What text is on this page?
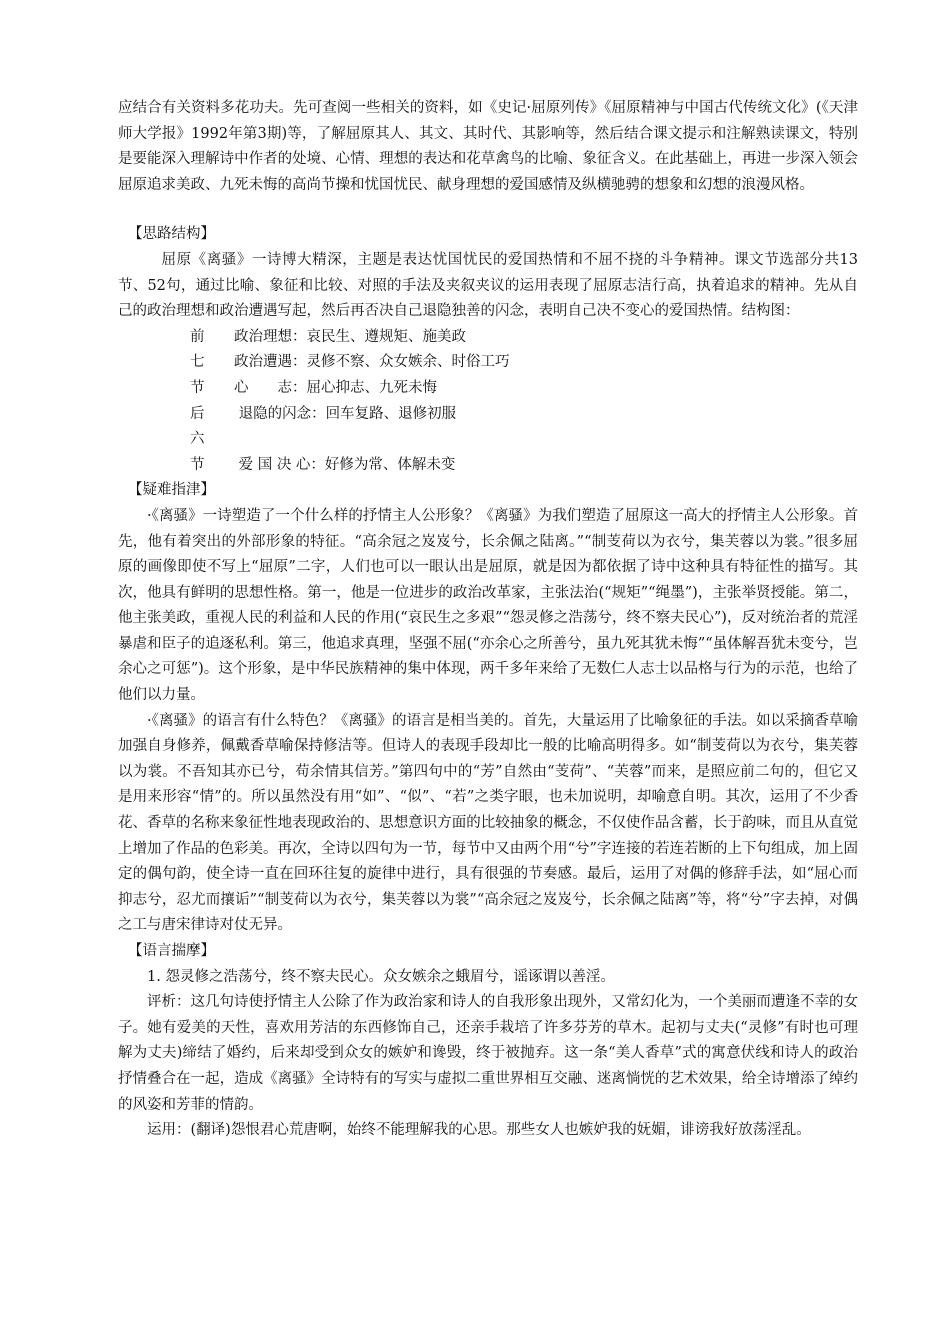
应结合有关资料多花功夫。先可查阅一些相关的资料，如《史记·屈原列传》《屈原精神与中国古代传统文化》(《天津师大学报》1992年第3期)等，了解屈原其人、其文、其时代、其影响等，然后结合课文提示和注解熟读课文，特别是要能深入理解诗中作者的处境、心情、理想的表达和花草禽鸟的比喻、象征含义。在此基础上，再进一步深入领会屈原追求美政、九死未悔的高尚节操和忧国忧民、献身理想的爱国感情及纵横驰骋的想象和幻想的浪漫风格。

【思路结构】

屈原《离骚》一诗博大精深，主题是表达忧国忧民的爱国热情和不屈不挠的斗争精神。课文节选部分共13节、52句，通过比喻、象征和比较、对照的手法及夹叙夹议的运用表现了屈原志洁行高，执着追求的精神。先从自己的政治理想和政治遭遇写起，然后再否决自己退隐独善的闪念，表明自己决不变心的爱国热情。结构图：

前 政治理想：哀民生、遵规矩、施美政
七 政治遭遇：灵修不察、众女嫉余、时俗工巧
节 心　　志：屈心抑志、九死未悔
后 退隐的闪念：回车复路、退修初服
六
节 爱 国 决 心：好修为常、体解未变

【疑难指津】

·《离骚》一诗塑造了一个什么样的抒情主人公形象？《离骚》为我们塑造了屈原这一高大的抒情主人公形象。首先，他有着突出的外部形象的特征。“高余冠之岌岌兮，长余佩之陆离。”“制芰荷以为衣兮，集芙蓉以为裳。”很多屈原的画像即使不写上“屈原”二字，人们也可以一眼认出是屈原，就是因为都依据了诗中这种具有特征性的描写。其次，他具有鲜明的思想性格。第一，他是一位进步的政治改革家，主张法治(“规矩”“绳墨”)，主张举贤授能。第二，他主张美政，重视人民的利益和人民的作用(“哀民生之多艰”“怨灵修之浩荡兮，终不察夫民心”)，反对统治者的荒淫暴虐和臣子的追逐私利。第三，他追求真理，坚强不屈(“亦余心之所善兮，虽九死其犹未悔”“虽体解吾犹未变兮，岂余心之可惩”)。这个形象，是中华民族精神的集中体现，两千多年来给了无数仁人志士以品格与行为的示范，也给了他们以力量。

·《离骚》的语言有什么特色？《离骚》的语言是相当美的。首先，大量运用了比喻象征的手法。如以采摘香草喻加强自身修养，佩戴香草喻保持修洁等。但诗人的表现手段却比一般的比喻高明得多。如“制芰荷以为衣兮，集芙蓉以为裳。不吾知其亦已兮，苟余情其信芳。”第四句中的“芳”自然由“芰荷”、“芙蓉”而来，是照应前二句的，但它又是用来形容“情”的。所以虽然没有用“如”、“似”、“若”之类字眼，也未加说明，却喻意自明。其次，运用了不少香花、香草的名称来象征性地表现政治的、思想意识方面的比较抽象的概念，不仅使作品含蓄，长于韵味，而且从直觉上增加了作品的色彩美。再次，全诗以四句为一节，每节中又由两个用“兮”字连接的若连若断的上下句组成，加上固定的偶句韵，使全诗一直在回环往复的旋律中进行，具有很强的节奏感。最后，运用了对偶的修辞手法，如“屈心而抑志兮，忍尤而攘诟”“制芰荷以为衣兮，集芙蓉以为裳”“高余冠之岌岌兮，长余佩之陆离”等，将“兮”字去掉，对偶之工与唐宋律诗对仗无异。

【语言揣摩】

1. 怨灵修之浩荡兮，终不察夫民心。众女嫉余之蛾眉兮，谣诼谓以善淫。

评析：这几句诗使抒情主人公除了作为政治家和诗人的自我形象出现外，又常幻化为，一个美丽而遭逢不幸的女子。她有爱美的天性，喜欢用芳洁的东西修饰自己，还亲手栽培了许多芬芳的草木。起初与丈夫(“灵修”有时也可理解为丈夫)缔结了婚约，后来却受到众女的嫉妒和谗毁，终于被抛弃。这一条“美人香草”式的寓意伏线和诗人的政治抒情叠合在一起，造成《离骚》全诗特有的写实与虚拟二重世界相互交融、迷离惝恍的艺术效果，给全诗增添了绰约的风姿和芳菲的情韵。

运用：(翻译)怨恨君心荒唐啊，始终不能理解我的心思。那些女人也嫉妒我的妩媚，诽谤我好放荡淫乱。
